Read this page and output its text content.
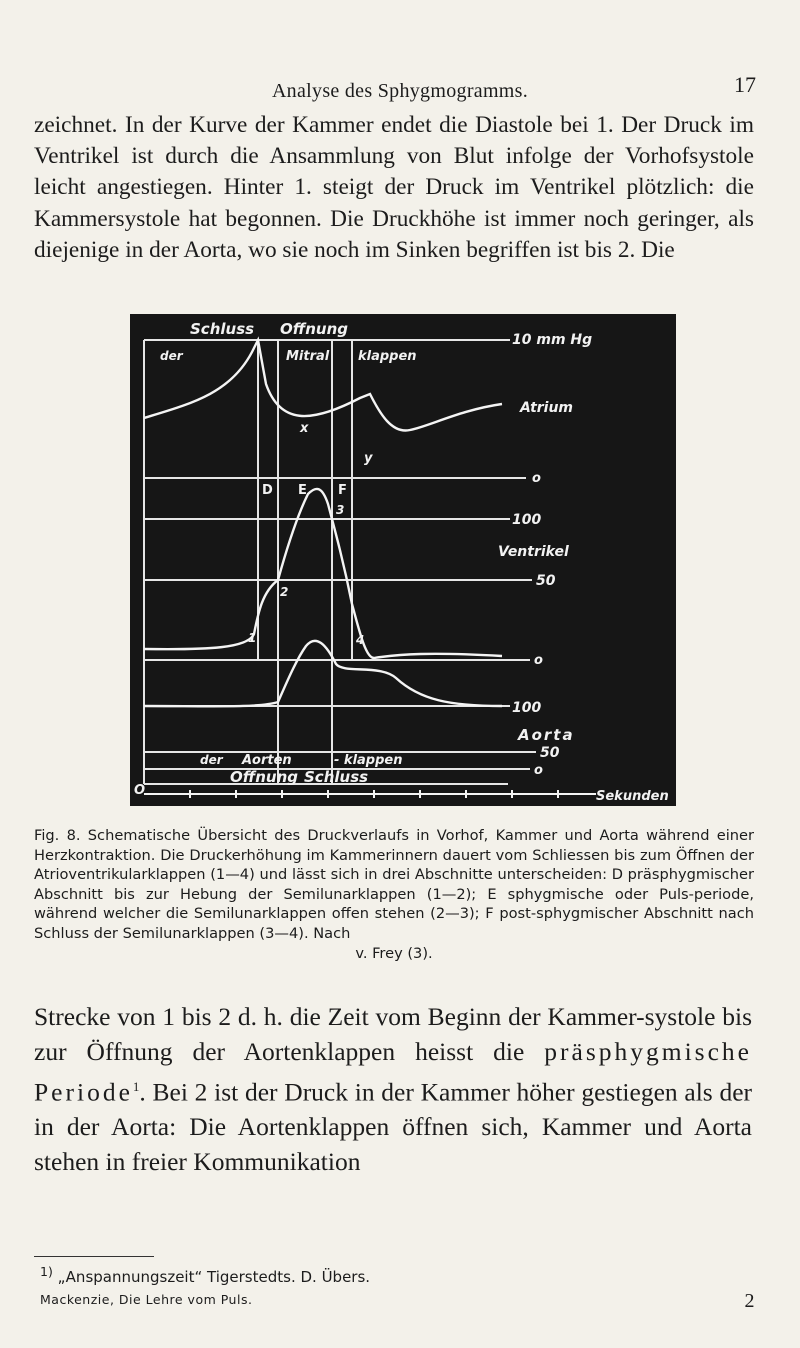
Analyse des Sphygmogramms.	17
zeichnet. In der Kurve der Kammer endet die Diastole bei 1. Der Druck im Ventrikel ist durch die Ansammlung von Blut infolge der Vorhofsystole leicht angestiegen. Hinter 1. steigt der Druck im Ventrikel plötzlich: die Kammersystole hat begonnen. Die Druckhöhe ist immer noch geringer, als diejenige in der Aorta, wo sie noch im Sinken begriffen ist bis 2. Die
Schluss Offnung
der	Mitral klappen
x
y
10 mm Hg
Atrium
o
D E F
3
100
Ventrikel
50
2
1	4
o
100
Aorta
50
der Aorten	- klappen
o
Offnung Schluss
O	Sekunden
Fig. 8. Schematische Übersicht des Druckverlaufs in Vorhof, Kammer und Aorta während einer Herzkontraktion. Die Druckerhöhung im Kammerinnern dauert vom Schliessen bis zum Öffnen der Atrioventrikularklappen (1—4) und lässt sich in drei Abschnitte unterscheiden: D präsphygmischer Abschnitt bis zur Hebung der Semilunarklappen (1—2); E sphygmische oder Puls-periode, während welcher die Semilunarklappen offen stehen (2—3); F post-sphygmischer Abschnitt nach Schluss der Semilunarklappen (3—4). Nach
v. Frey (3).
Strecke von 1 bis 2 d. h. die Zeit vom Beginn der Kammer-systole bis zur Öffnung der Aortenklappen heisst die präsphygmische Periode$^1$. Bei 2 ist der Druck in der Kammer höher gestiegen als der in der Aorta: Die Aortenklappen öffnen sich, Kammer und Aorta stehen in freier Kommunikation
$^{1)}$ „Anspannungszeit“ Tigerstedts. D. Übers.
Mackenzie, Die Lehre vom Puls.	2
